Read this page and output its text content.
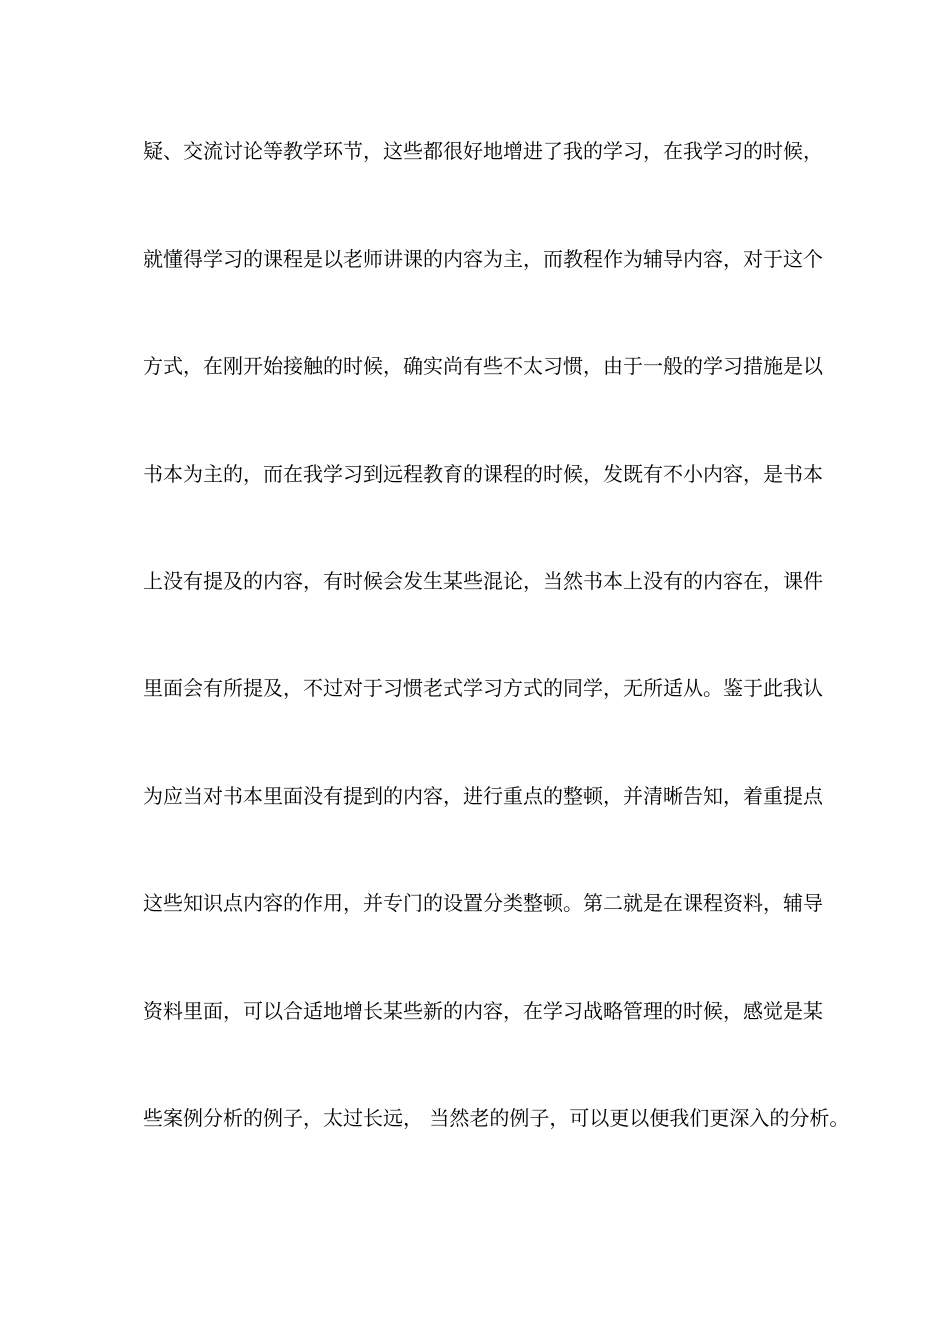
疑、交流讨论等教学环节，这些都很好地增进了我的学习，在我学习的时候，
就懂得学习的课程是以老师讲课的内容为主，而教程作为辅导内容，对于这个
方式，在刚开始接触的时候，确实尚有些不太习惯，由于一般的学习措施是以
书本为主的，而在我学习到远程教育的课程的时候，发既有不小内容，是书本
上没有提及的内容，有时候会发生某些混论，当然书本上没有的内容在，课件
里面会有所提及，不过对于习惯老式学习方式的同学，无所适从。鉴于此我认
为应当对书本里面没有提到的内容，进行重点的整顿，并清晰告知，着重提点
这些知识点内容的作用，并专门的设置分类整顿。第二就是在课程资料，辅导
资料里面，可以合适地增长某些新的内容，在学习战略管理的时候，感觉是某
些案例分析的例子，太过长远， 当然老的例子，可以更以便我们更深入的分析。
